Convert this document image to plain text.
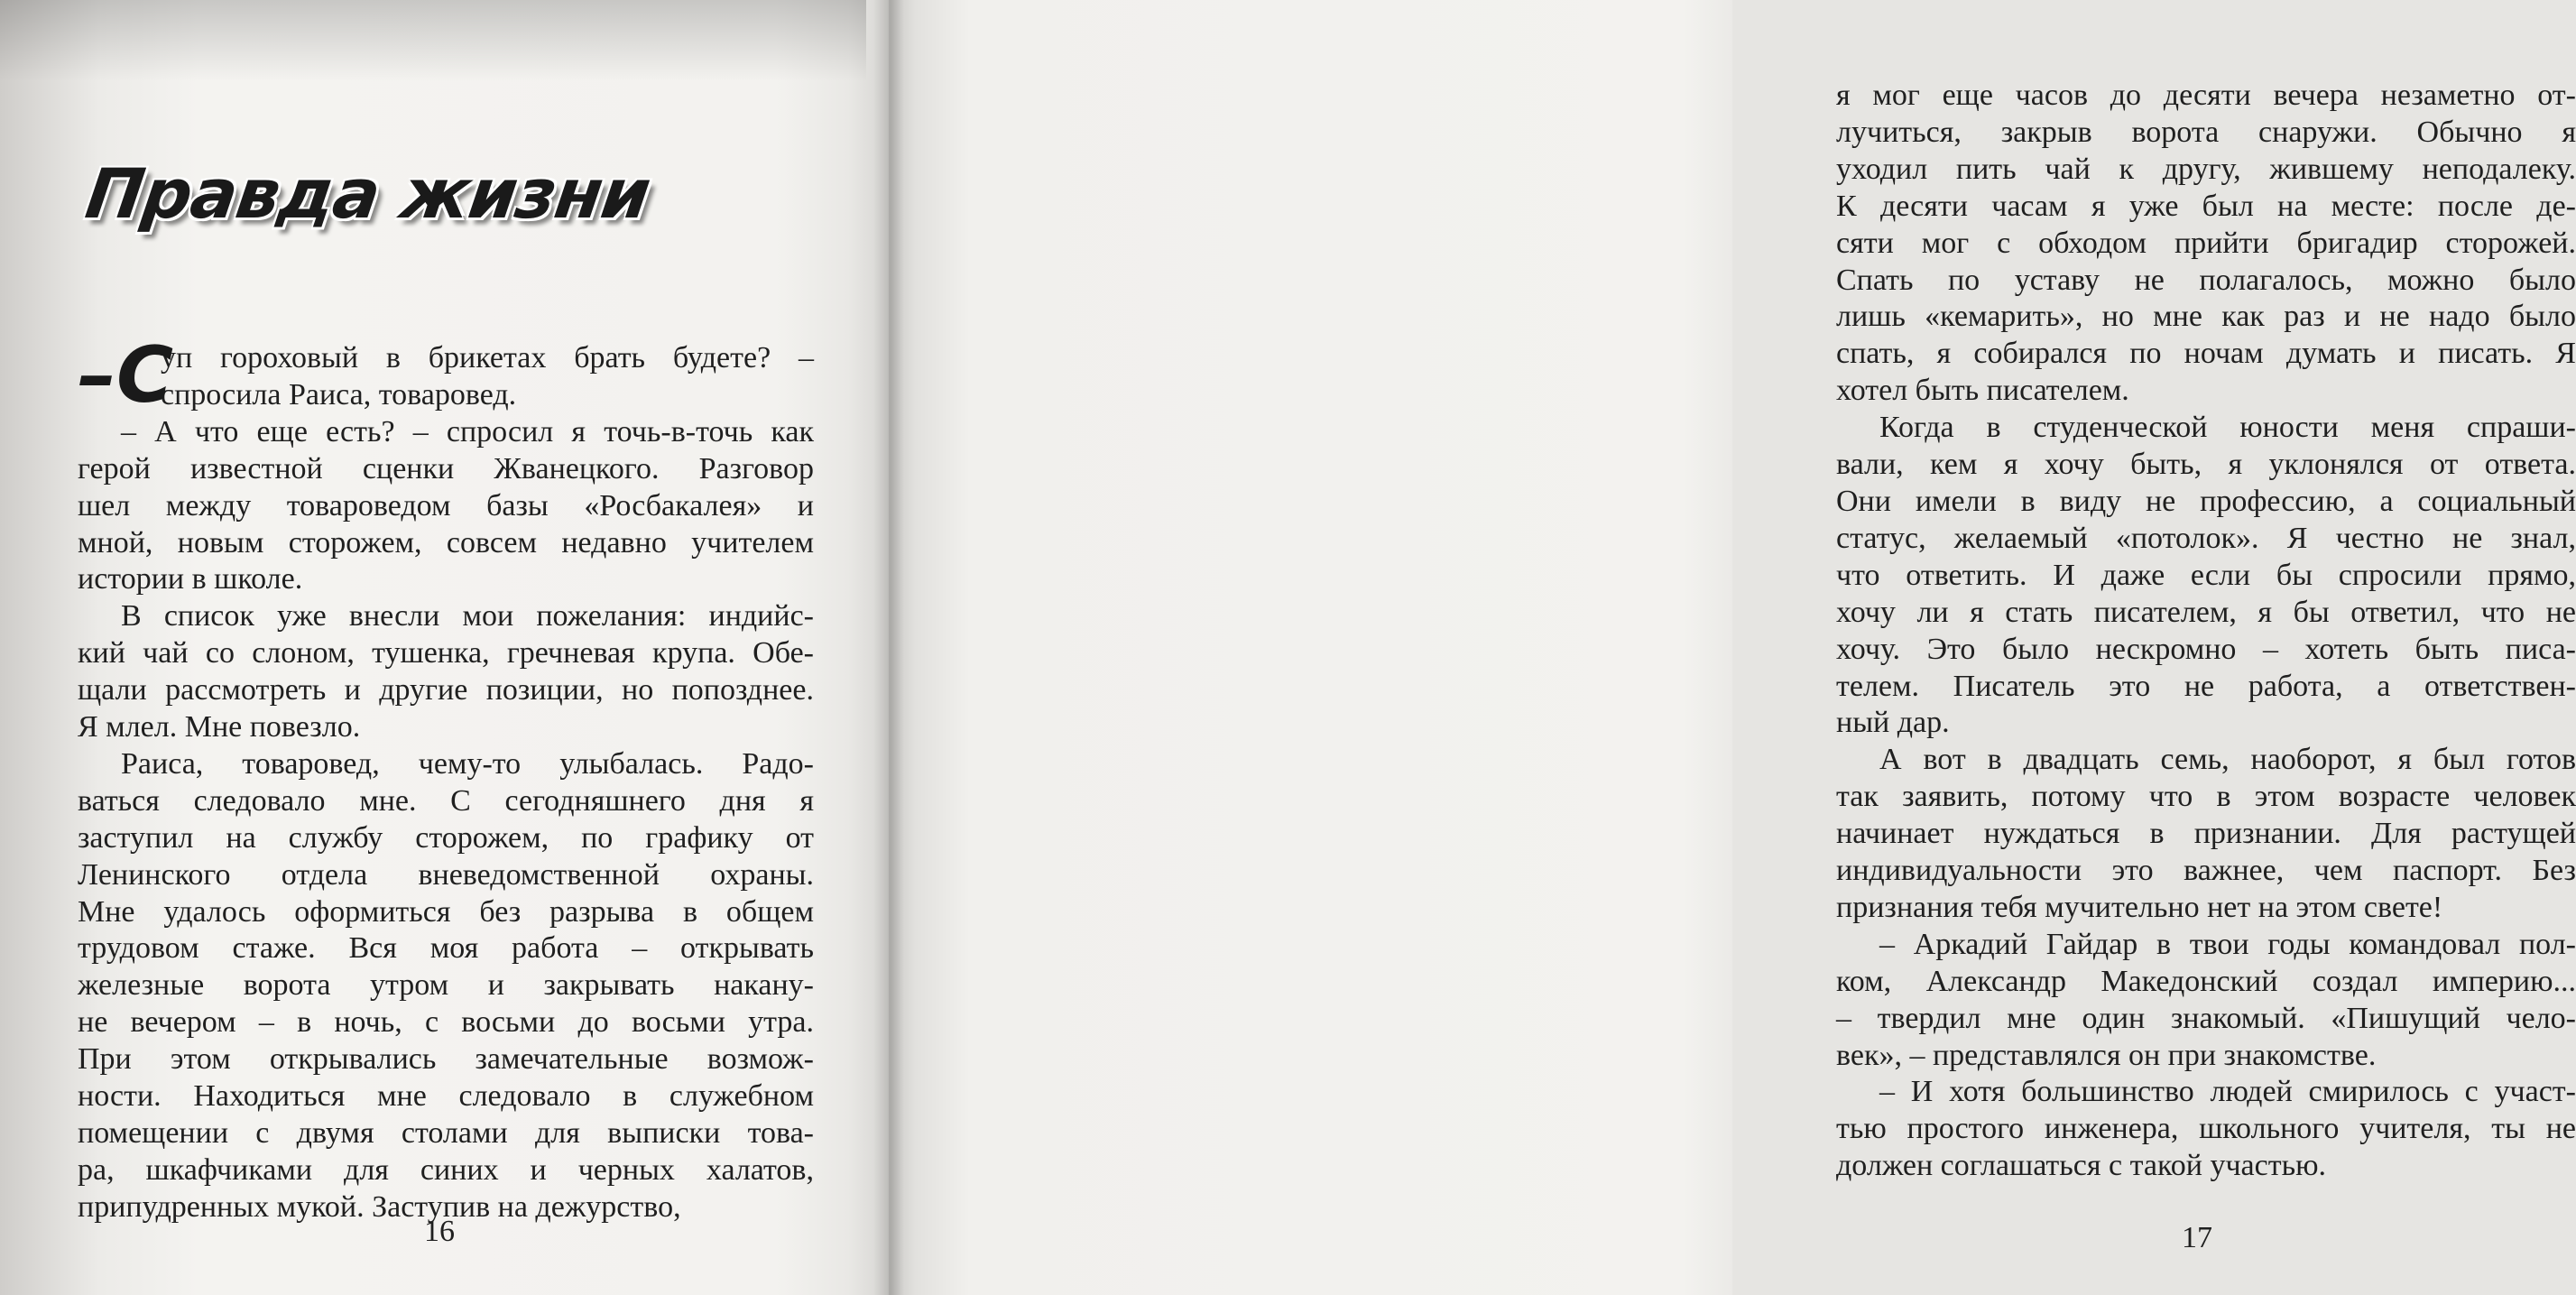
Правда жизни
–С
уп гороховый в брикетах брать будете? –
спросила Раиса, товаровед.
– А что еще есть? – спросил я точь-в-точь как
герой известной сценки Жванецкого. Разговор
шел между товароведом базы «Росбакалея» и
мной, новым сторожем, совсем недавно учителем
истории в школе.
В список уже внесли мои пожелания: индийс-
кий чай со слоном, тушенка, гречневая крупа. Обе-
щали рассмотреть и другие позиции, но попозднее.
Я млел. Мне повезло.
Раиса, товаровед, чему-то улыбалась. Радо-
ваться следовало мне. С сегодняшнего дня я
заступил на службу сторожем, по графику от
Ленинского отдела вневедомственной охраны.
Мне удалось оформиться без разрыва в общем
трудовом стаже. Вся моя работа – открывать
железные ворота утром и закрывать накану-
не вечером – в ночь, с восьми до восьми утра.
При этом открывались замечательные возмож-
ности. Находиться мне следовало в служебном
помещении с двумя столами для выписки това-
ра, шкафчиками для синих и черных халатов,
припудренных мукой. Заступив на дежурство,
16
я мог еще часов до десяти вечера незаметно от-
лучиться, закрыв ворота снаружи. Обычно я
уходил пить чай к другу, жившему неподалеку.
К десяти часам я уже был на месте: после де-
сяти мог с обходом прийти бригадир сторожей.
Спать по уставу не полагалось, можно было
лишь «кемарить», но мне как раз и не надо было
спать, я собирался по ночам думать и писать. Я
хотел быть писателем.
Когда в студенческой юности меня спраши-
вали, кем я хочу быть, я уклонялся от ответа.
Они имели в виду не профессию, а социальный
статус, желаемый «потолок». Я честно не знал,
что ответить. И даже если бы спросили прямо,
хочу ли я стать писателем, я бы ответил, что не
хочу. Это было нескромно – хотеть быть писа-
телем. Писатель это не работа, а ответствен-
ный дар.
А вот в двадцать семь, наоборот, я был готов
так заявить, потому что в этом возрасте человек
начинает нуждаться в признании. Для растущей
индивидуальности это важнее, чем паспорт. Без
признания тебя мучительно нет на этом свете!
– Аркадий Гайдар в твои годы командовал пол-
ком, Александр Македонский создал империю...
– твердил мне один знакомый. «Пишущий чело-
век», – представлялся он при знакомстве.
– И хотя большинство людей смирилось с участ-
тью простого инженера, школьного учителя, ты не
должен соглашаться с такой участью.
17
